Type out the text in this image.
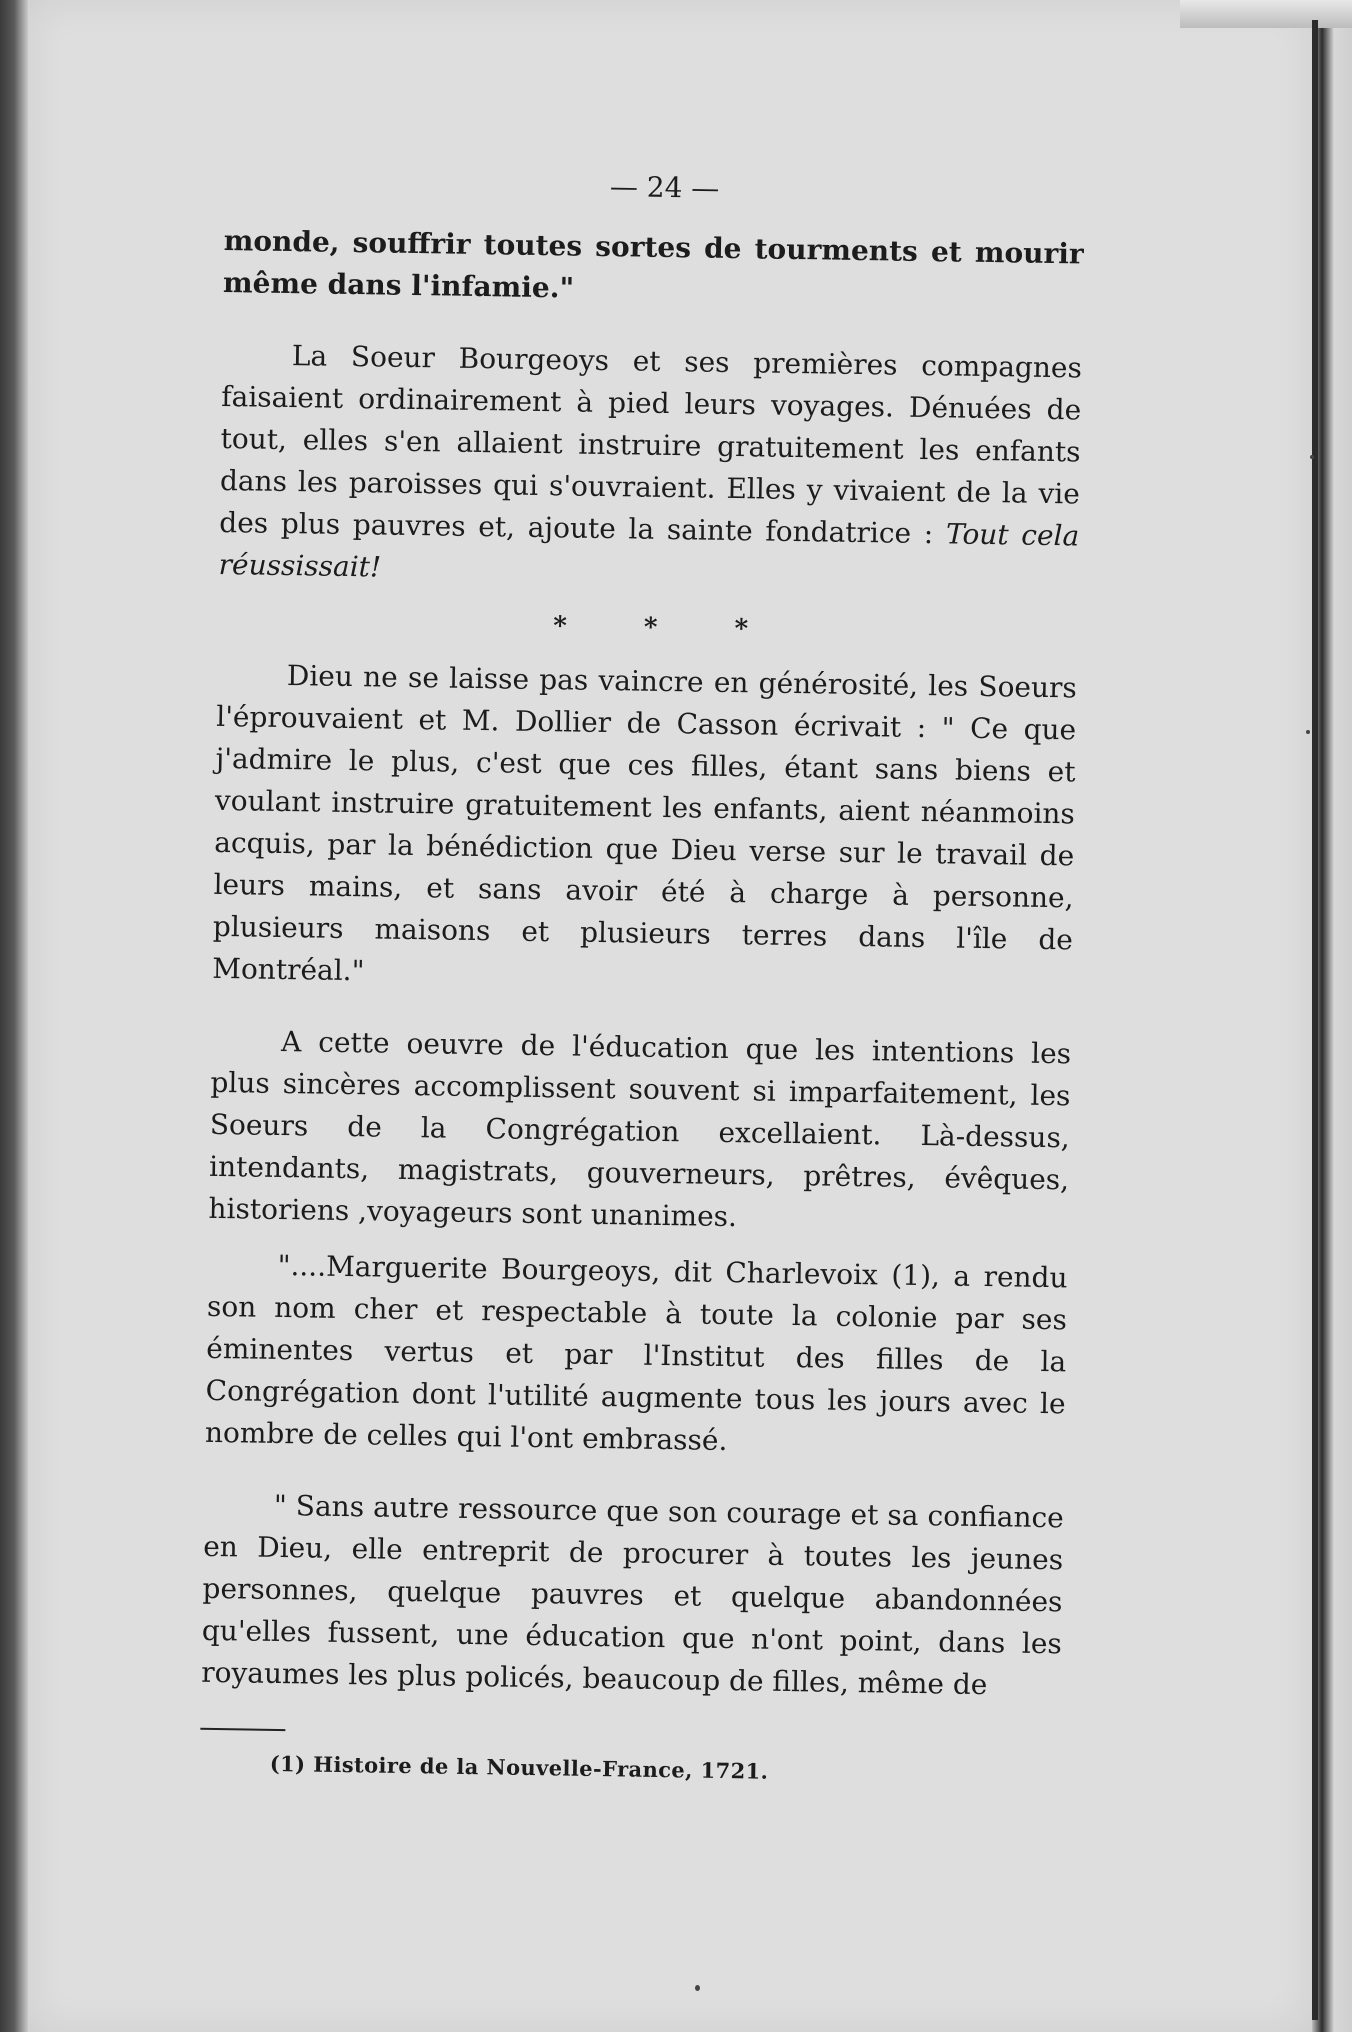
— 24 —

monde, souffrir toutes sortes de tourments et mourir même dans l'infamie."

La Soeur Bourgeoys et ses premières compagnes faisaient ordinairement à pied leurs voyages. Dénuées de tout, elles s'en allaient instruire gratuitement les enfants dans les paroisses qui s'ouvraient. Elles y vivaient de la vie des plus pauvres et, ajoute la sainte fondatrice : Tout cela réussissait!

* * *

Dieu ne se laisse pas vaincre en générosité, les Soeurs l'éprouvaient et M. Dollier de Casson écrivait : " Ce que j'admire le plus, c'est que ces filles, étant sans biens et voulant instruire gratuitement les enfants, aient néanmoins acquis, par la bénédiction que Dieu verse sur le travail de leurs mains, et sans avoir été à charge à personne, plusieurs maisons et plusieurs terres dans l'île de Montréal."

A cette oeuvre de l'éducation que les intentions les plus sincères accomplissent souvent si imparfaitement, les Soeurs de la Congrégation excellaient. Là-dessus, intendants, magistrats, gouverneurs, prêtres, évêques, historiens ,voyageurs sont unanimes.

"....Marguerite Bourgeoys, dit Charlevoix (1), a rendu son nom cher et respectable à toute la colonie par ses éminentes vertus et par l'Institut des filles de la Congrégation dont l'utilité augmente tous les jours avec le nombre de celles qui l'ont embrassé.

" Sans autre ressource que son courage et sa confiance en Dieu, elle entreprit de procurer à toutes les jeunes personnes, quelque pauvres et quelque abandonnées qu'elles fussent, une éducation que n'ont point, dans les royaumes les plus policés, beaucoup de filles, même de

(1) Histoire de la Nouvelle-France, 1721.
